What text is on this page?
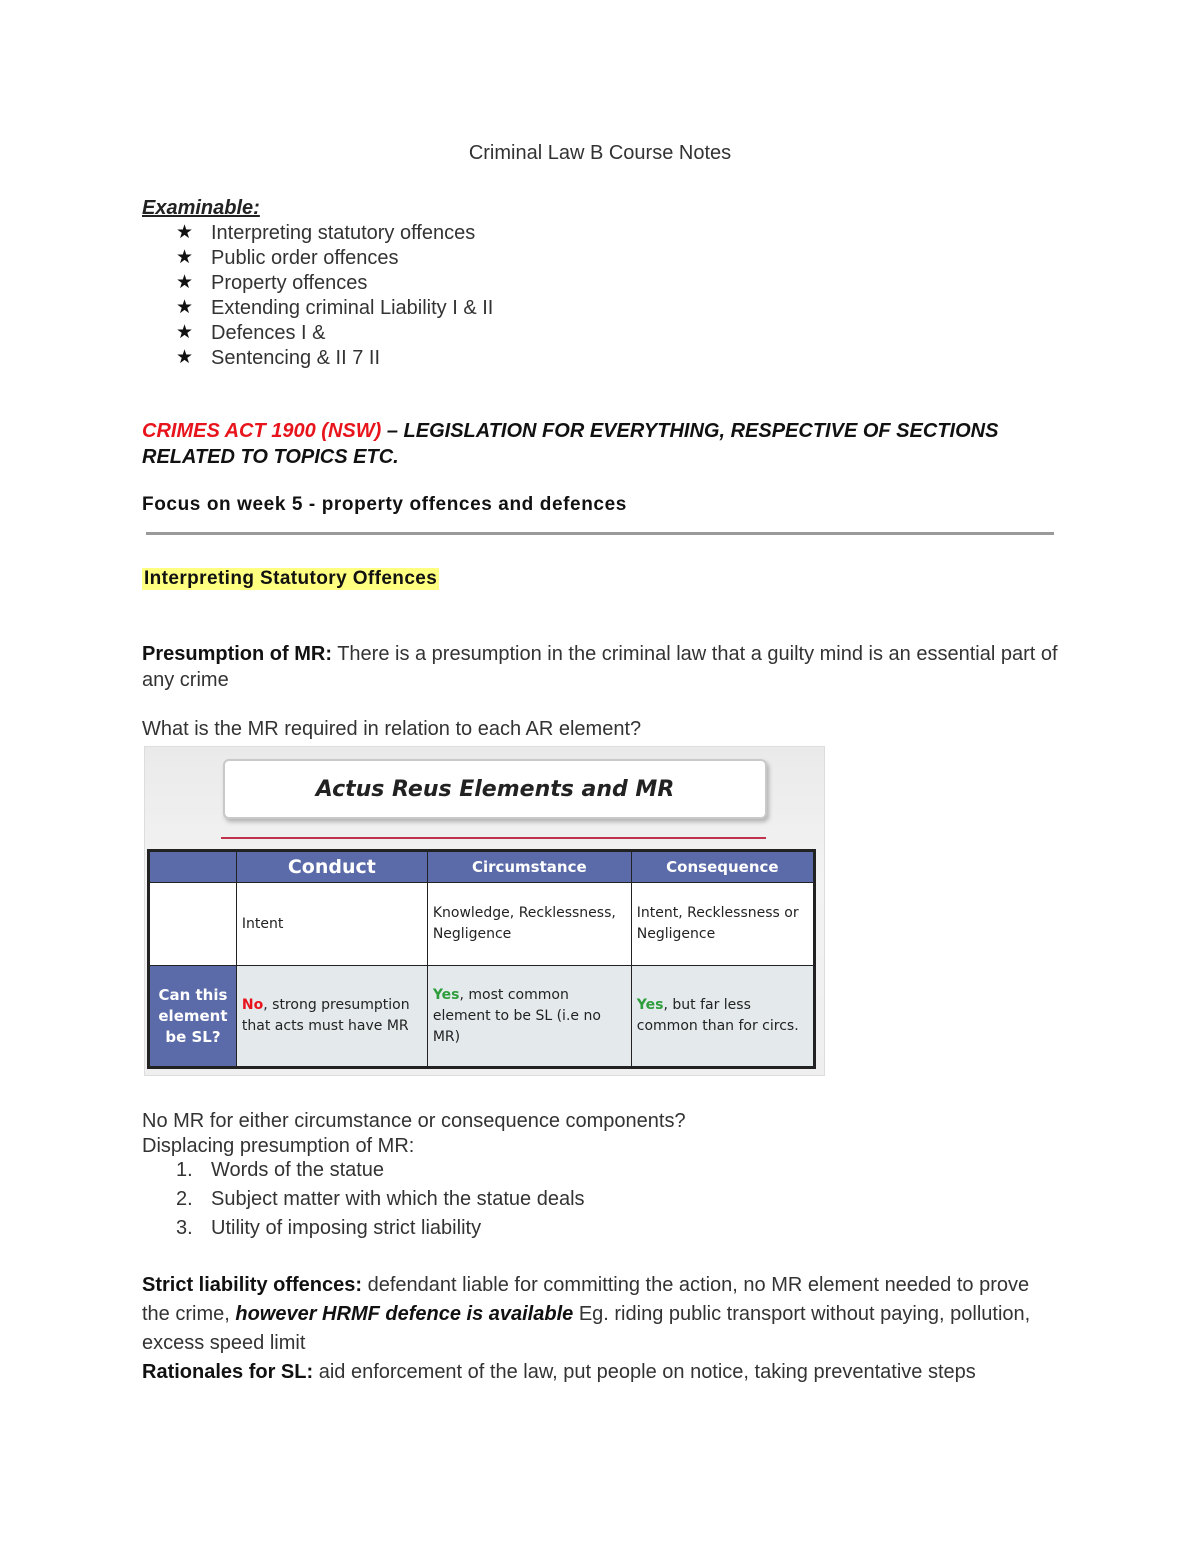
Criminal Law B Course Notes
Examinable:
★ Interpreting statutory offences
★ Public order offences
★ Property offences
★ Extending criminal Liability I & II
★ Defences I &
★ Sentencing & II 7 II
CRIMES ACT 1900 (NSW) – LEGISLATION FOR EVERYTHING, RESPECTIVE OF SECTIONS RELATED TO TOPICS ETC.
Focus on week 5 - property offences and defences
Interpreting Statutory Offences
Presumption of MR: There is a presumption in the criminal law that a guilty mind is an essential part of any crime
What is the MR required in relation to each AR element?
Actus Reus Elements and MR
	Conduct	Circumstance	Consequence
Usual MR element	Intent	Knowledge, Recklessness, Negligence	Intent, Recklessness or Negligence
Can this element be SL?	No, strong presumption that acts must have MR	Yes, most common element to be SL (i.e no MR)	Yes, but far less common than for circs.
No MR for either circumstance or consequence components?
Displacing presumption of MR:
1. Words of the statue
2. Subject matter with which the statue deals
3. Utility of imposing strict liability
Strict liability offences: defendant liable for committing the action, no MR element needed to prove the crime, however HRMF defence is available Eg. riding public transport without paying, pollution, excess speed limit
Rationales for SL: aid enforcement of the law, put people on notice, taking preventative steps
